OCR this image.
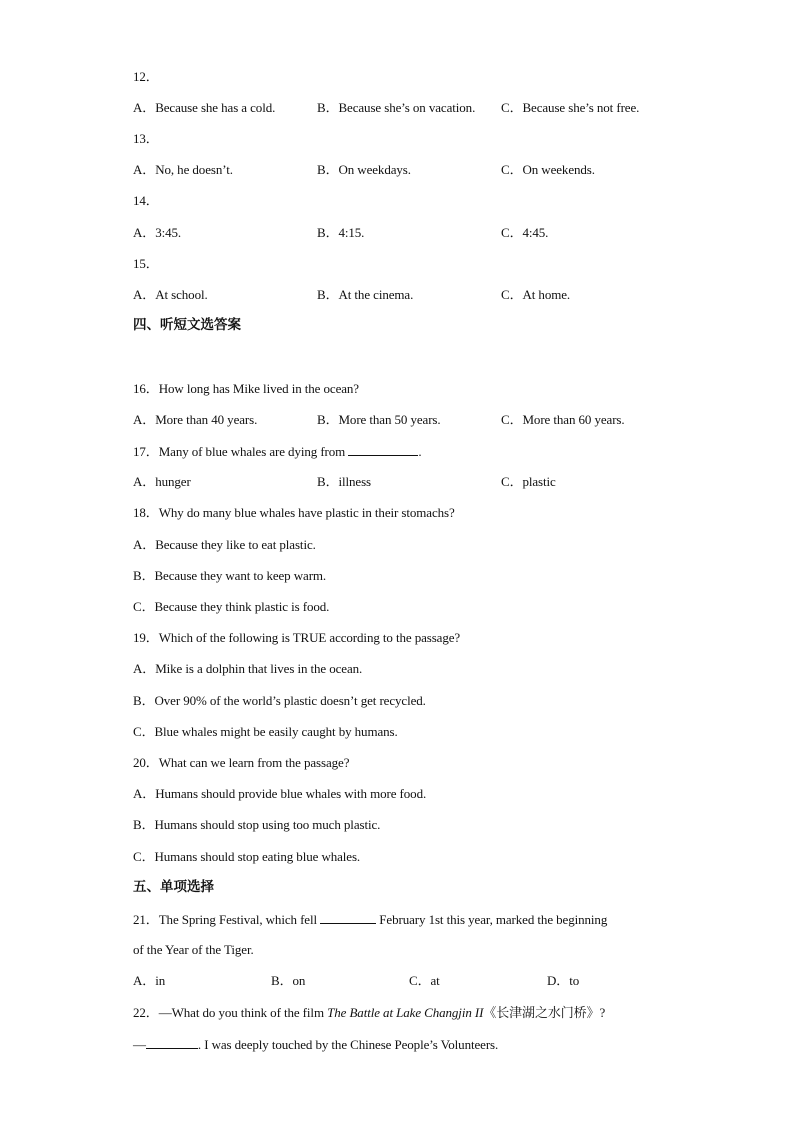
12．
A．Because she has a cold.	B．Because she’s on vacation. C．Because she’s not free.
13．
A．No, he doesn’t.	B．On weekdays.	C．On weekends.
14．
A．3:45.	B．4:15.	C．4:45.
15．
A．At school.	B．At the cinema.	C．At home.
四、听短文选答案
16．How long has Mike lived in the ocean?
A．More than 40 years.	B．More than 50 years.	C．More than 60 years.
17．Many of blue whales are dying from	.
A．hunger	B．illness	C．plastic
18．Why do many blue whales have plastic in their stomachs?
A．Because they like to eat plastic.
B．Because they want to keep warm.
C．Because they think plastic is food.
19．Which of the following is TRUE according to the passage?
A．Mike is a dolphin that lives in the ocean.
B．Over 90% of the world’s plastic doesn’t get recycled.
C．Blue whales might be easily caught by humans.
20．What can we learn from the passage?
A．Humans should provide blue whales with more food.
B．Humans should stop using too much plastic.
C．Humans should stop eating blue whales.
五、单项选择
21．The Spring Festival, which fell	February 1st this year, marked the beginning
of the Year of the Tiger.
A．in	B．on	C．at	D．to
22．—What do you think of the film The Battle at Lake Changjin II《长津湖之水门桥》?
—	. I was deeply touched by the Chinese People’s Volunteers.
